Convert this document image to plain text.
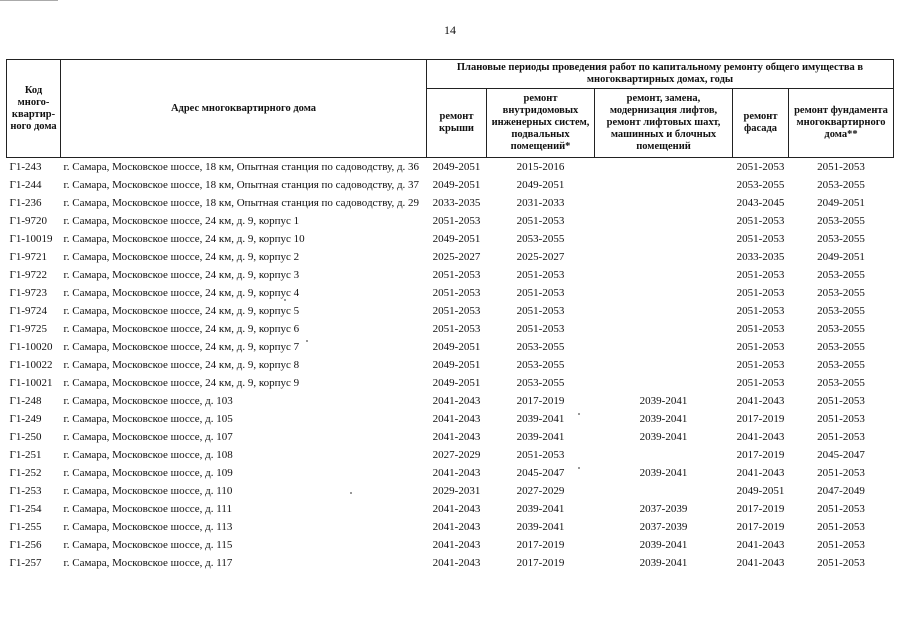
14
Код много-квартир-ного дома	Адрес многоквартирного дома	Плановые периоды проведения работ по капитальному ремонту общего имущества в многоквартирных домах, годы				
		ремонт крыши	ремонт внутридомовых инженерных систем, подвальных помещений*	ремонт, замена, модернизация лифтов, ремонт лифтовых шахт, машинных и блочных помещений	ремонт фасада	ремонт фундамента многоквартирного дома**
Г1-243	г. Самара, Московское шоссе, 18 км, Опытная станция по садоводству, д. 36	2049-2051	2015-2016		2051-2053	2051-2053
Г1-244	г. Самара, Московское шоссе, 18 км, Опытная станция по садоводству, д. 37	2049-2051	2049-2051		2053-2055	2053-2055
Г1-236	г. Самара, Московское шоссе, 18 км, Опытная станция по садоводству, д. 29	2033-2035	2031-2033		2043-2045	2049-2051
Г1-9720	г. Самара, Московское шоссе, 24 км, д. 9, корпус 1	2051-2053	2051-2053		2051-2053	2053-2055
Г1-10019	г. Самара, Московское шоссе, 24 км, д. 9, корпус 10	2049-2051	2053-2055		2051-2053	2053-2055
Г1-9721	г. Самара, Московское шоссе, 24 км, д. 9, корпус 2	2025-2027	2025-2027		2033-2035	2049-2051
Г1-9722	г. Самара, Московское шоссе, 24 км, д. 9, корпус 3	2051-2053	2051-2053		2051-2053	2053-2055
Г1-9723	г. Самара, Московское шоссе, 24 км, д. 9, корпус 4	2051-2053	2051-2053		2051-2053	2053-2055
Г1-9724	г. Самара, Московское шоссе, 24 км, д. 9, корпус 5	2051-2053	2051-2053		2051-2053	2053-2055
Г1-9725	г. Самара, Московское шоссе, 24 км, д. 9, корпус 6	2051-2053	2051-2053		2051-2053	2053-2055
Г1-10020	г. Самара, Московское шоссе, 24 км, д. 9, корпус 7	2049-2051	2053-2055		2051-2053	2053-2055
Г1-10022	г. Самара, Московское шоссе, 24 км, д. 9, корпус 8	2049-2051	2053-2055		2051-2053	2053-2055
Г1-10021	г. Самара, Московское шоссе, 24 км, д. 9, корпус 9	2049-2051	2053-2055		2051-2053	2053-2055
Г1-248	г. Самара, Московское шоссе, д. 103	2041-2043	2017-2019	2039-2041	2041-2043	2051-2053
Г1-249	г. Самара, Московское шоссе, д. 105	2041-2043	2039-2041	2039-2041	2017-2019	2051-2053
Г1-250	г. Самара, Московское шоссе, д. 107	2041-2043	2039-2041	2039-2041	2041-2043	2051-2053
Г1-251	г. Самара, Московское шоссе, д. 108	2027-2029	2051-2053		2017-2019	2045-2047
Г1-252	г. Самара, Московское шоссе, д. 109	2041-2043	2045-2047	2039-2041	2041-2043	2051-2053
Г1-253	г. Самара, Московское шоссе, д. 110	2029-2031	2027-2029		2049-2051	2047-2049
Г1-254	г. Самара, Московское шоссе, д. 111	2041-2043	2039-2041	2037-2039	2017-2019	2051-2053
Г1-255	г. Самара, Московское шоссе, д. 113	2041-2043	2039-2041	2037-2039	2017-2019	2051-2053
Г1-256	г. Самара, Московское шоссе, д. 115	2041-2043	2017-2019	2039-2041	2041-2043	2051-2053
Г1-257	г. Самара, Московское шоссе, д. 117	2041-2043	2017-2019	2039-2041	2041-2043	2051-2053
